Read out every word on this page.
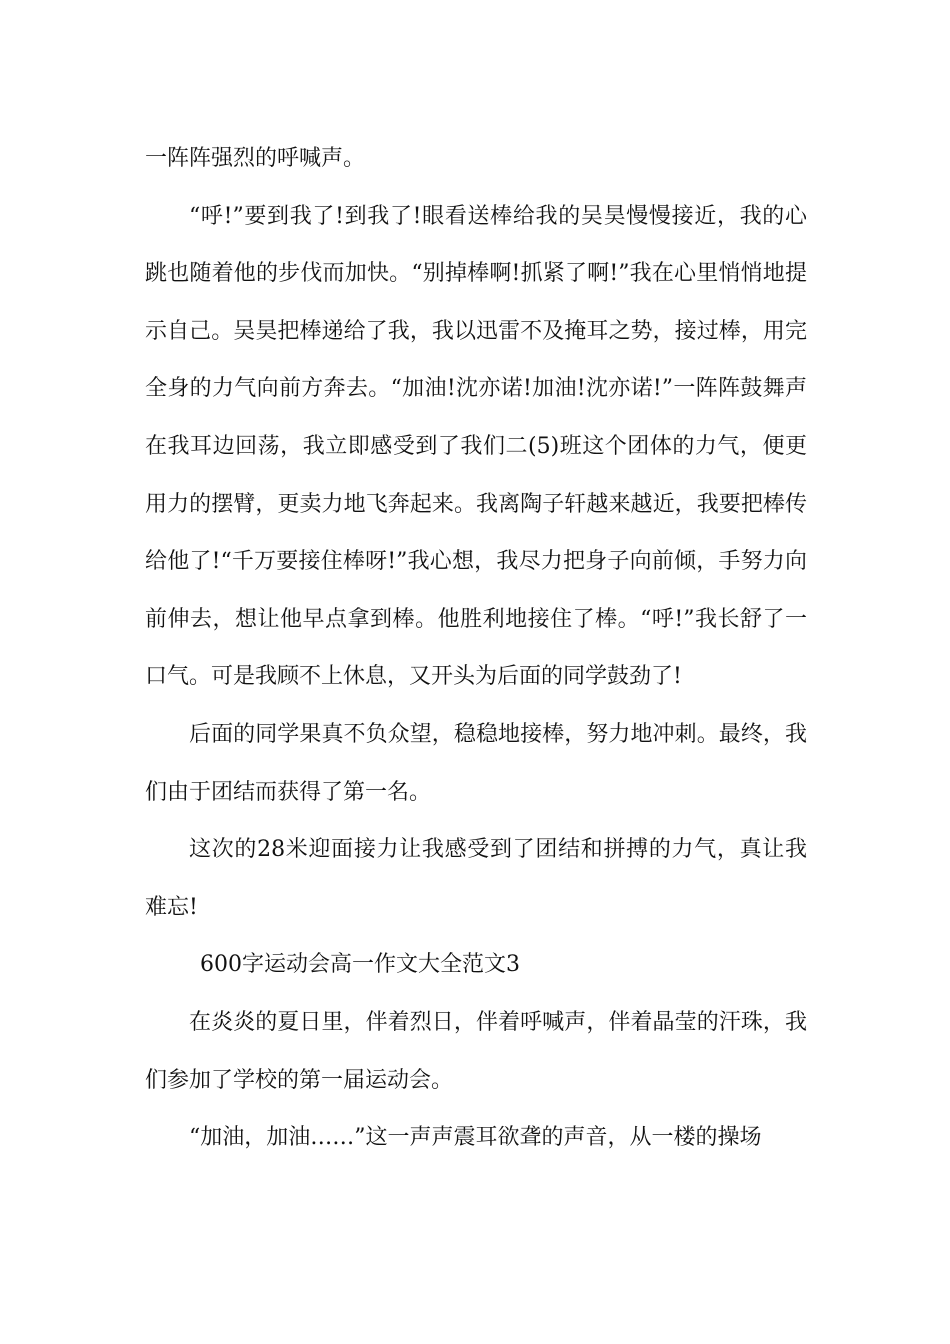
一阵阵强烈的呼喊声。

“呼!”要到我了!到我了!眼看送棒给我的吴昊慢慢接近，我的心跳也随着他的步伐而加快。“别掉棒啊!抓紧了啊!”我在心里悄悄地提示自己。吴昊把棒递给了我，我以迅雷不及掩耳之势，接过棒，用完全身的力气向前方奔去。“加油!沈亦诺!加油!沈亦诺!”一阵阵鼓舞声在我耳边回荡，我立即感受到了我们二(5)班这个团体的力气，便更用力的摆臂，更卖力地飞奔起来。我离陶子轩越来越近，我要把棒传给他了!“千万要接住棒呀!”我心想，我尽力把身子向前倾，手努力向前伸去，想让他早点拿到棒。他胜利地接住了棒。“呼!”我长舒了一口气。可是我顾不上休息，又开头为后面的同学鼓劲了!

后面的同学果真不负众望，稳稳地接棒，努力地冲刺。最终，我们由于团结而获得了第一名。

这次的28米迎面接力让我感受到了团结和拼搏的力气，真让我难忘!

600字运动会高一作文大全范文3

在炎炎的夏日里，伴着烈日，伴着呼喊声，伴着晶莹的汗珠，我们参加了学校的第一届运动会。

“加油，加油……”这一声声震耳欲聋的声音，从一楼的操场
